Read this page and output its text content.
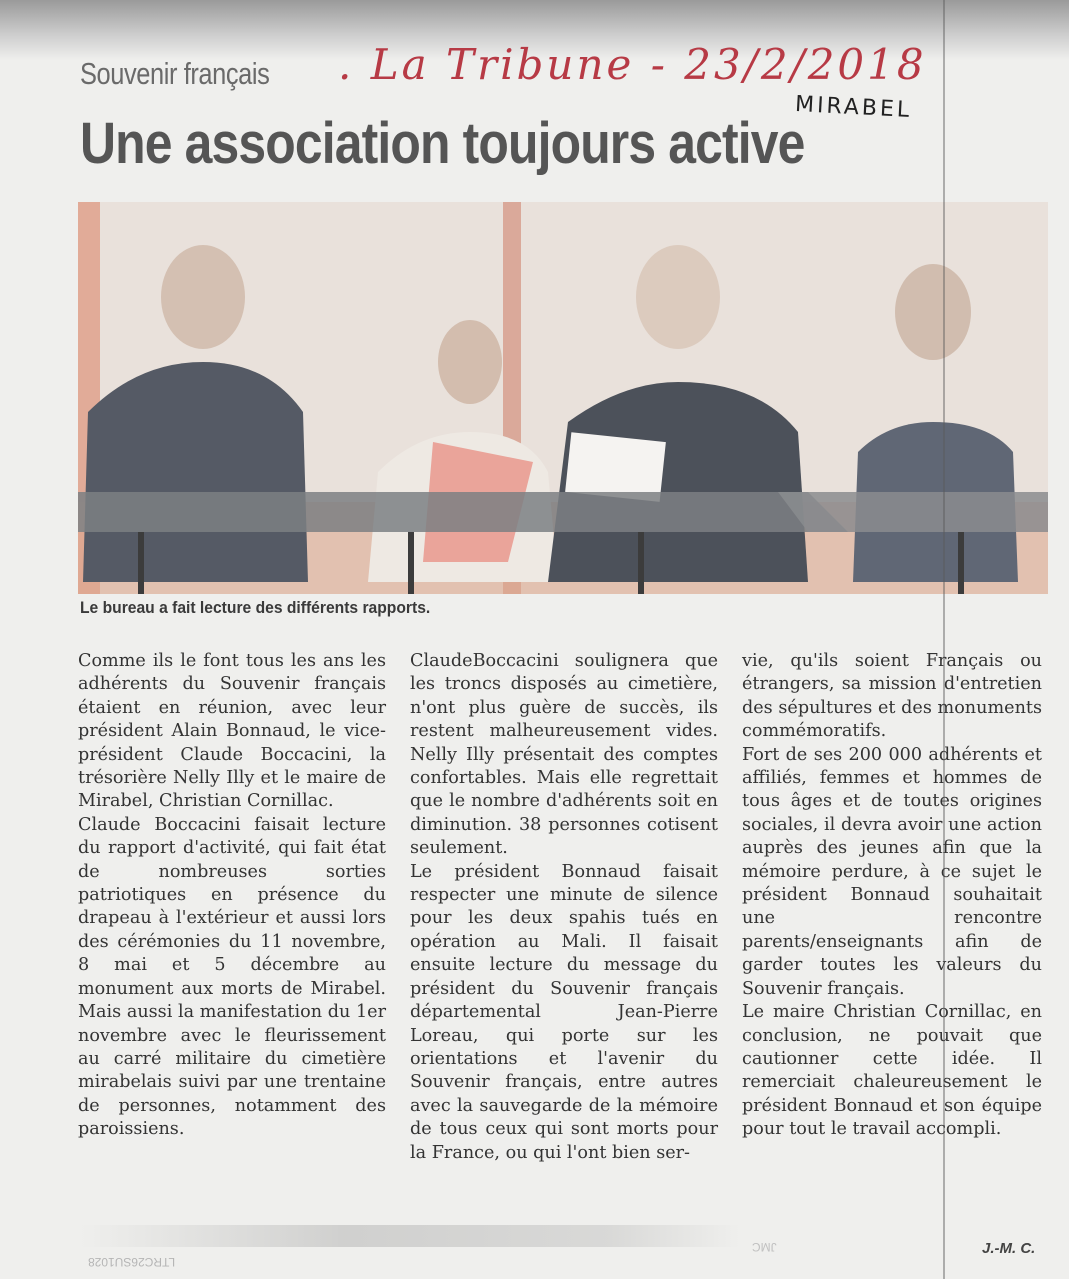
Souvenir français . La Tribune - 23/2/2018
MIRABEL
Une association toujours active
Le bureau a fait lecture des différents rapports.

Comme ils le font tous les ans les adhérents du Souvenir français étaient en réunion, avec leur président Alain Bonnaud, le vice-président Claude Boccacini, la trésorière Nelly Illy et le maire de Mirabel, Christian Cornillac.

Claude Boccacini faisait lecture du rapport d'activité, qui fait état de nombreuses sorties patriotiques en présence du drapeau à l'extérieur et aussi lors des cérémonies du 11 novembre, 8 mai et 5 décembre au monument aux morts de Mirabel. Mais aussi la manifestation du 1er novembre avec le fleurissement au carré militaire du cimetière mirabelais suivi par une trentaine de personnes, notamment des paroissiens.

ClaudeBoccacini soulignera que les troncs disposés au cimetière, n'ont plus guère de succès, ils restent malheureusement vides. Nelly Illy présentait des comptes confortables. Mais elle regrettait que le nombre d'adhérents soit en diminution. 38 personnes cotisent seulement.

Le président Bonnaud faisait respecter une minute de silence pour les deux spahis tués en opération au Mali. Il faisait ensuite lecture du message du président du Souvenir français départemental Jean-Pierre Loreau, qui porte sur les orientations et l'avenir du Souvenir français, entre autres avec la sauvegarde de la mémoire de tous ceux qui sont morts pour la France, ou qui l'ont bien ser-

vie, qu'ils soient Français ou étrangers, sa mission d'entretien des sépultures et des monuments commémoratifs.

Fort de ses 200 000 adhérents et affiliés, femmes et hommes de tous âges et de toutes origines sociales, il devra avoir une action auprès des jeunes afin que la mémoire perdure, à ce sujet le président Bonnaud souhaitait une rencontre parents/enseignants afin de garder toutes les valeurs du Souvenir français.

Le maire Christian Cornillac, en conclusion, ne pouvait que cautionner cette idée. Il remerciait chaleureusement le président Bonnaud et son équipe pour tout le travail accompli.

LTRC26SU1028
JMC	J.-M. C.
